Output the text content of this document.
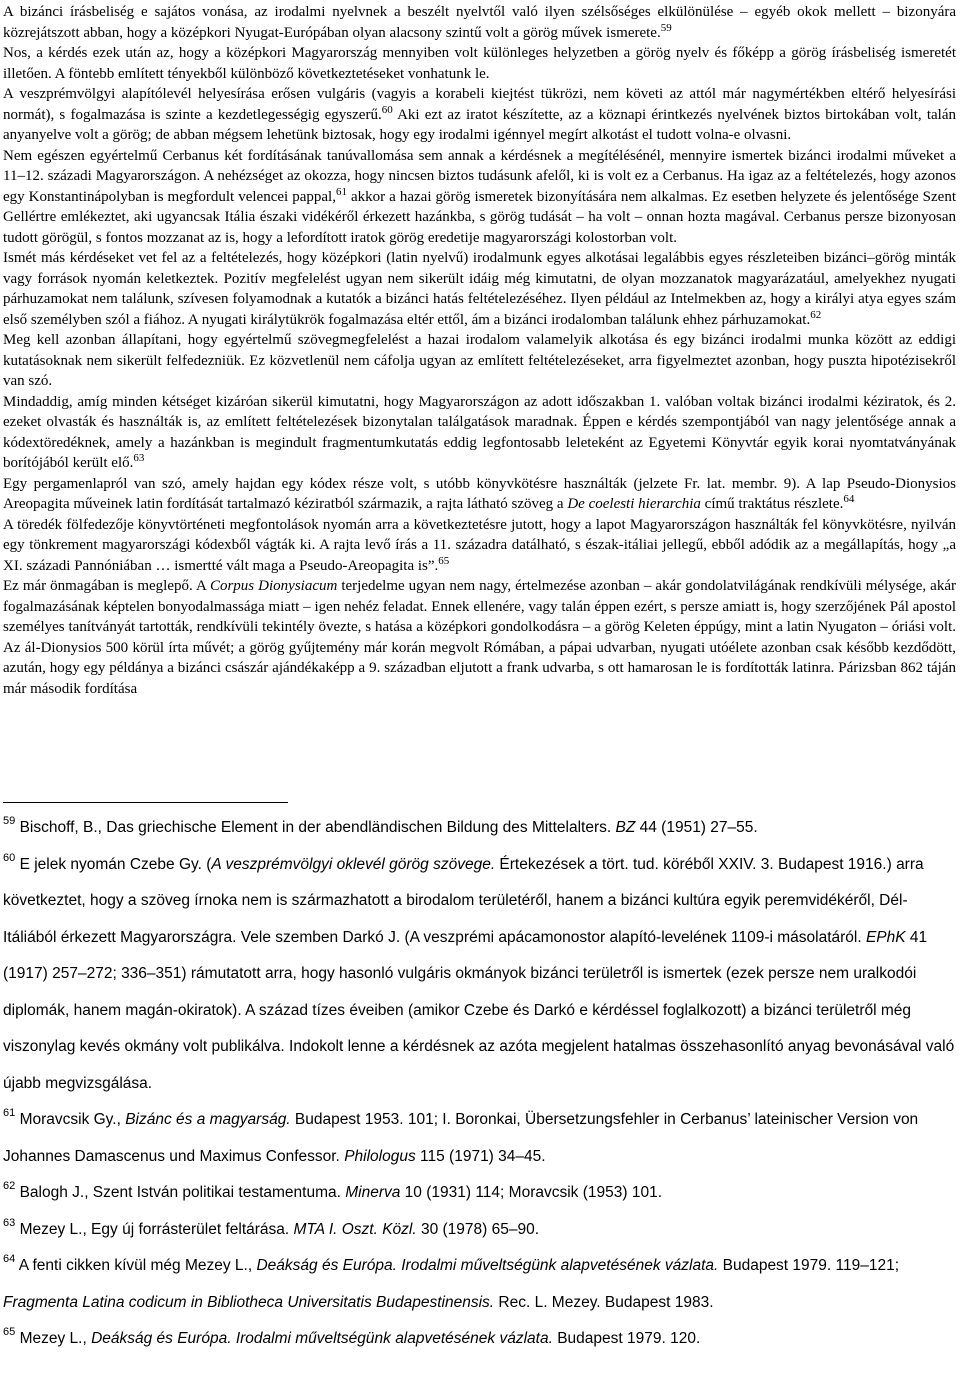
A bizánci írásbeliség e sajátos vonása, az irodalmi nyelvnek a beszélt nyelvtől való ilyen szélsőséges elkülönülése – egyéb okok mellett – bizonyára közrejátszott abban, hogy a középkori Nyugat-Európában olyan alacsony szintű volt a görög művek ismerete.$^{59}$

Nos, a kérdés ezek után az, hogy a középkori Magyarország mennyiben volt különleges helyzetben a görög nyelv és főképp a görög írásbeliség ismeretét illetően. A föntebb említett tényekből különböző következtetéseket vonhatunk le.

A veszprémvölgyi alapítólevél helyesírása erősen vulgáris (vagyis a korabeli kiejtést tükrözi, nem követi az attól már nagymértékben eltérő helyesírási normát), s fogalmazása is szinte a kezdetlegességig egyszerű.$^{60}$ Aki ezt az iratot készítette, az a köznapi érintkezés nyelvének biztos birtokában volt, talán anyanyelve volt a görög; de abban mégsem lehetünk biztosak, hogy egy irodalmi igénnyel megírt alkotást el tudott volna-e olvasni.

Nem egészen egyértelmű Cerbanus két fordításának tanúvallomása sem annak a kérdésnek a megítélésénél, mennyire ismertek bizánci irodalmi műveket a 11–12. századi Magyarországon. A nehézséget az okozza, hogy nincsen biztos tudásunk afelől, ki is volt ez a Cerbanus. Ha igaz az a feltételezés, hogy azonos egy Konstantinápolyban is megfordult velencei pappal,$^{61}$ akkor a hazai görög ismeretek bizonyítására nem alkalmas. Ez esetben helyzete és jelentősége Szent Gellértre emlékeztet, aki ugyancsak Itália északi vidékéről érkezett hazánkba, s görög tudását – ha volt – onnan hozta magával. Cerbanus persze bizonyosan tudott görögül, s fontos mozzanat az is, hogy a lefordított iratok görög eredetije magyarországi kolostorban volt.

Ismét más kérdéseket vet fel az a feltételezés, hogy középkori (latin nyelvű) irodalmunk egyes alkotásai legalábbis egyes részleteiben bizánci–görög minták vagy források nyomán keletkeztek. Pozitív megfelelést ugyan nem sikerült idáig még kimutatni, de olyan mozzanatok magyarázatául, amelyekhez nyugati párhuzamokat nem találunk, szívesen folyamodnak a kutatók a bizánci hatás feltételezéséhez. Ilyen például az Intelmekben az, hogy a királyi atya egyes szám első személyben szól a fiához. A nyugati királytükrök fogalmazása eltér ettől, ám a bizánci irodalomban találunk ehhez párhuzamokat.$^{62}$

Meg kell azonban állapítani, hogy egyértelmű szövegmegfelelést a hazai irodalom valamelyik alkotása és egy bizánci irodalmi munka között az eddigi kutatásoknak nem sikerült felfedezniük. Ez közvetlenül nem cáfolja ugyan az említett feltételezéseket, arra figyelmeztet azonban, hogy puszta hipotézisekről van szó.

Mindaddig, amíg minden kétséget kizáróan sikerül kimutatni, hogy Magyarországon az adott időszakban 1. valóban voltak bizánci irodalmi kéziratok, és 2. ezeket olvasták és használták is, az említett feltételezések bizonytalan találgatások maradnak. Éppen e kérdés szempontjából van nagy jelentősége annak a kódextöredéknek, amely a hazánkban is megindult fragmentumkutatás eddig legfontosabb leleteként az Egyetemi Könyvtár egyik korai nyomtatványának borítójából került elő.$^{63}$

Egy pergamenlapról van szó, amely hajdan egy kódex része volt, s utóbb könyvkötésre használták (jelzete Fr. lat. membr. 9). A lap Pseudo-Dionysios Areopagita műveinek latin fordítását tartalmazó kéziratból származik, a rajta látható szöveg a De coelesti hierarchia című traktátus részlete.$^{64}$

A töredék fölfedezője könyvtörténeti megfontolások nyomán arra a következtetésre jutott, hogy a lapot Magyarországon használták fel könyvkötésre, nyilván egy tönkrement magyarországi kódexből vágták ki. A rajta levő írás a 11. századra datálható, s észak-itáliai jellegű, ebből adódik az a megállapítás, hogy „a XI. századi Pannóniában … ismertté vált maga a Pseudo-Areopagita is”.$^{65}$

Ez már önmagában is meglepő. A Corpus Dionysiacum terjedelme ugyan nem nagy, értelmezése azonban – akár gondolatvilágának rendkívüli mélysége, akár fogalmazásának képtelen bonyodalmassága miatt – igen nehéz feladat. Ennek ellenére, vagy talán éppen ezért, s persze amiatt is, hogy szerzőjének Pál apostol személyes tanítványát tartották, rendkívüli tekintély övezte, s hatása a középkori gondolkodásra – a görög Keleten éppúgy, mint a latin Nyugaton – óriási volt. Az ál-Dionysios 500 körül írta művét; a görög gyűjtemény már korán megvolt Rómában, a pápai udvarban, nyugati utóélete azonban csak később kezdődött, azután, hogy egy példánya a bizánci császár ajándékaképp a 9. században eljutott a frank udvarba, s ott hamarosan le is fordították latinra. Párizsban 862 táján már második fordítása

$^{59}$ Bischoff, B., Das griechische Element in der abendländischen Bildung des Mittelalters. BZ 44 (1951) 27–55.

$^{60}$ E jelek nyomán Czebe Gy. (A veszprémvölgyi oklevél görög szövege. Értekezések a tört. tud. köréből XXIV. 3. Budapest 1916.) arra következtet, hogy a szöveg írnoka nem is származhatott a birodalom területéről, hanem a bizánci kultúra egyik peremvidékéről, Dél-Itáliából érkezett Magyarországra. Vele szemben Darkó J. (A veszprémi apácamonostor alapító-levelének 1109-i másolatáról. EPhK 41 (1917) 257–272; 336–351) rámutatott arra, hogy hasonló vulgáris okmányok bizánci területről is ismertek (ezek persze nem uralkodói diplomák, hanem magán-okiratok). A század tízes éveiben (amikor Czebe és Darkó e kérdéssel foglalkozott) a bizánci területről még viszonylag kevés okmány volt publikálva. Indokolt lenne a kérdésnek az azóta megjelent hatalmas összehasonlító anyag bevonásával való újabb megvizsgálása.

$^{61}$ Moravcsik Gy., Bizánc és a magyarság. Budapest 1953. 101; I. Boronkai, Übersetzungsfehler in Cerbanus’ lateinischer Version von Johannes Damascenus und Maximus Confessor. Philologus 115 (1971) 34–45.

$^{62}$ Balogh J., Szent István politikai testamentuma. Minerva 10 (1931) 114; Moravcsik (1953) 101.

$^{63}$ Mezey L., Egy új forrásterület feltárása. MTA I. Oszt. Közl. 30 (1978) 65–90.

$^{64}$ A fenti cikken kívül még Mezey L., Deákság és Európa. Irodalmi műveltségünk alapvetésének vázlata. Budapest 1979. 119–121; Fragmenta Latina codicum in Bibliotheca Universitatis Budapestinensis. Rec. L. Mezey. Budapest 1983.

$^{65}$ Mezey L., Deákság és Európa. Irodalmi műveltségünk alapvetésének vázlata. Budapest 1979. 120.
